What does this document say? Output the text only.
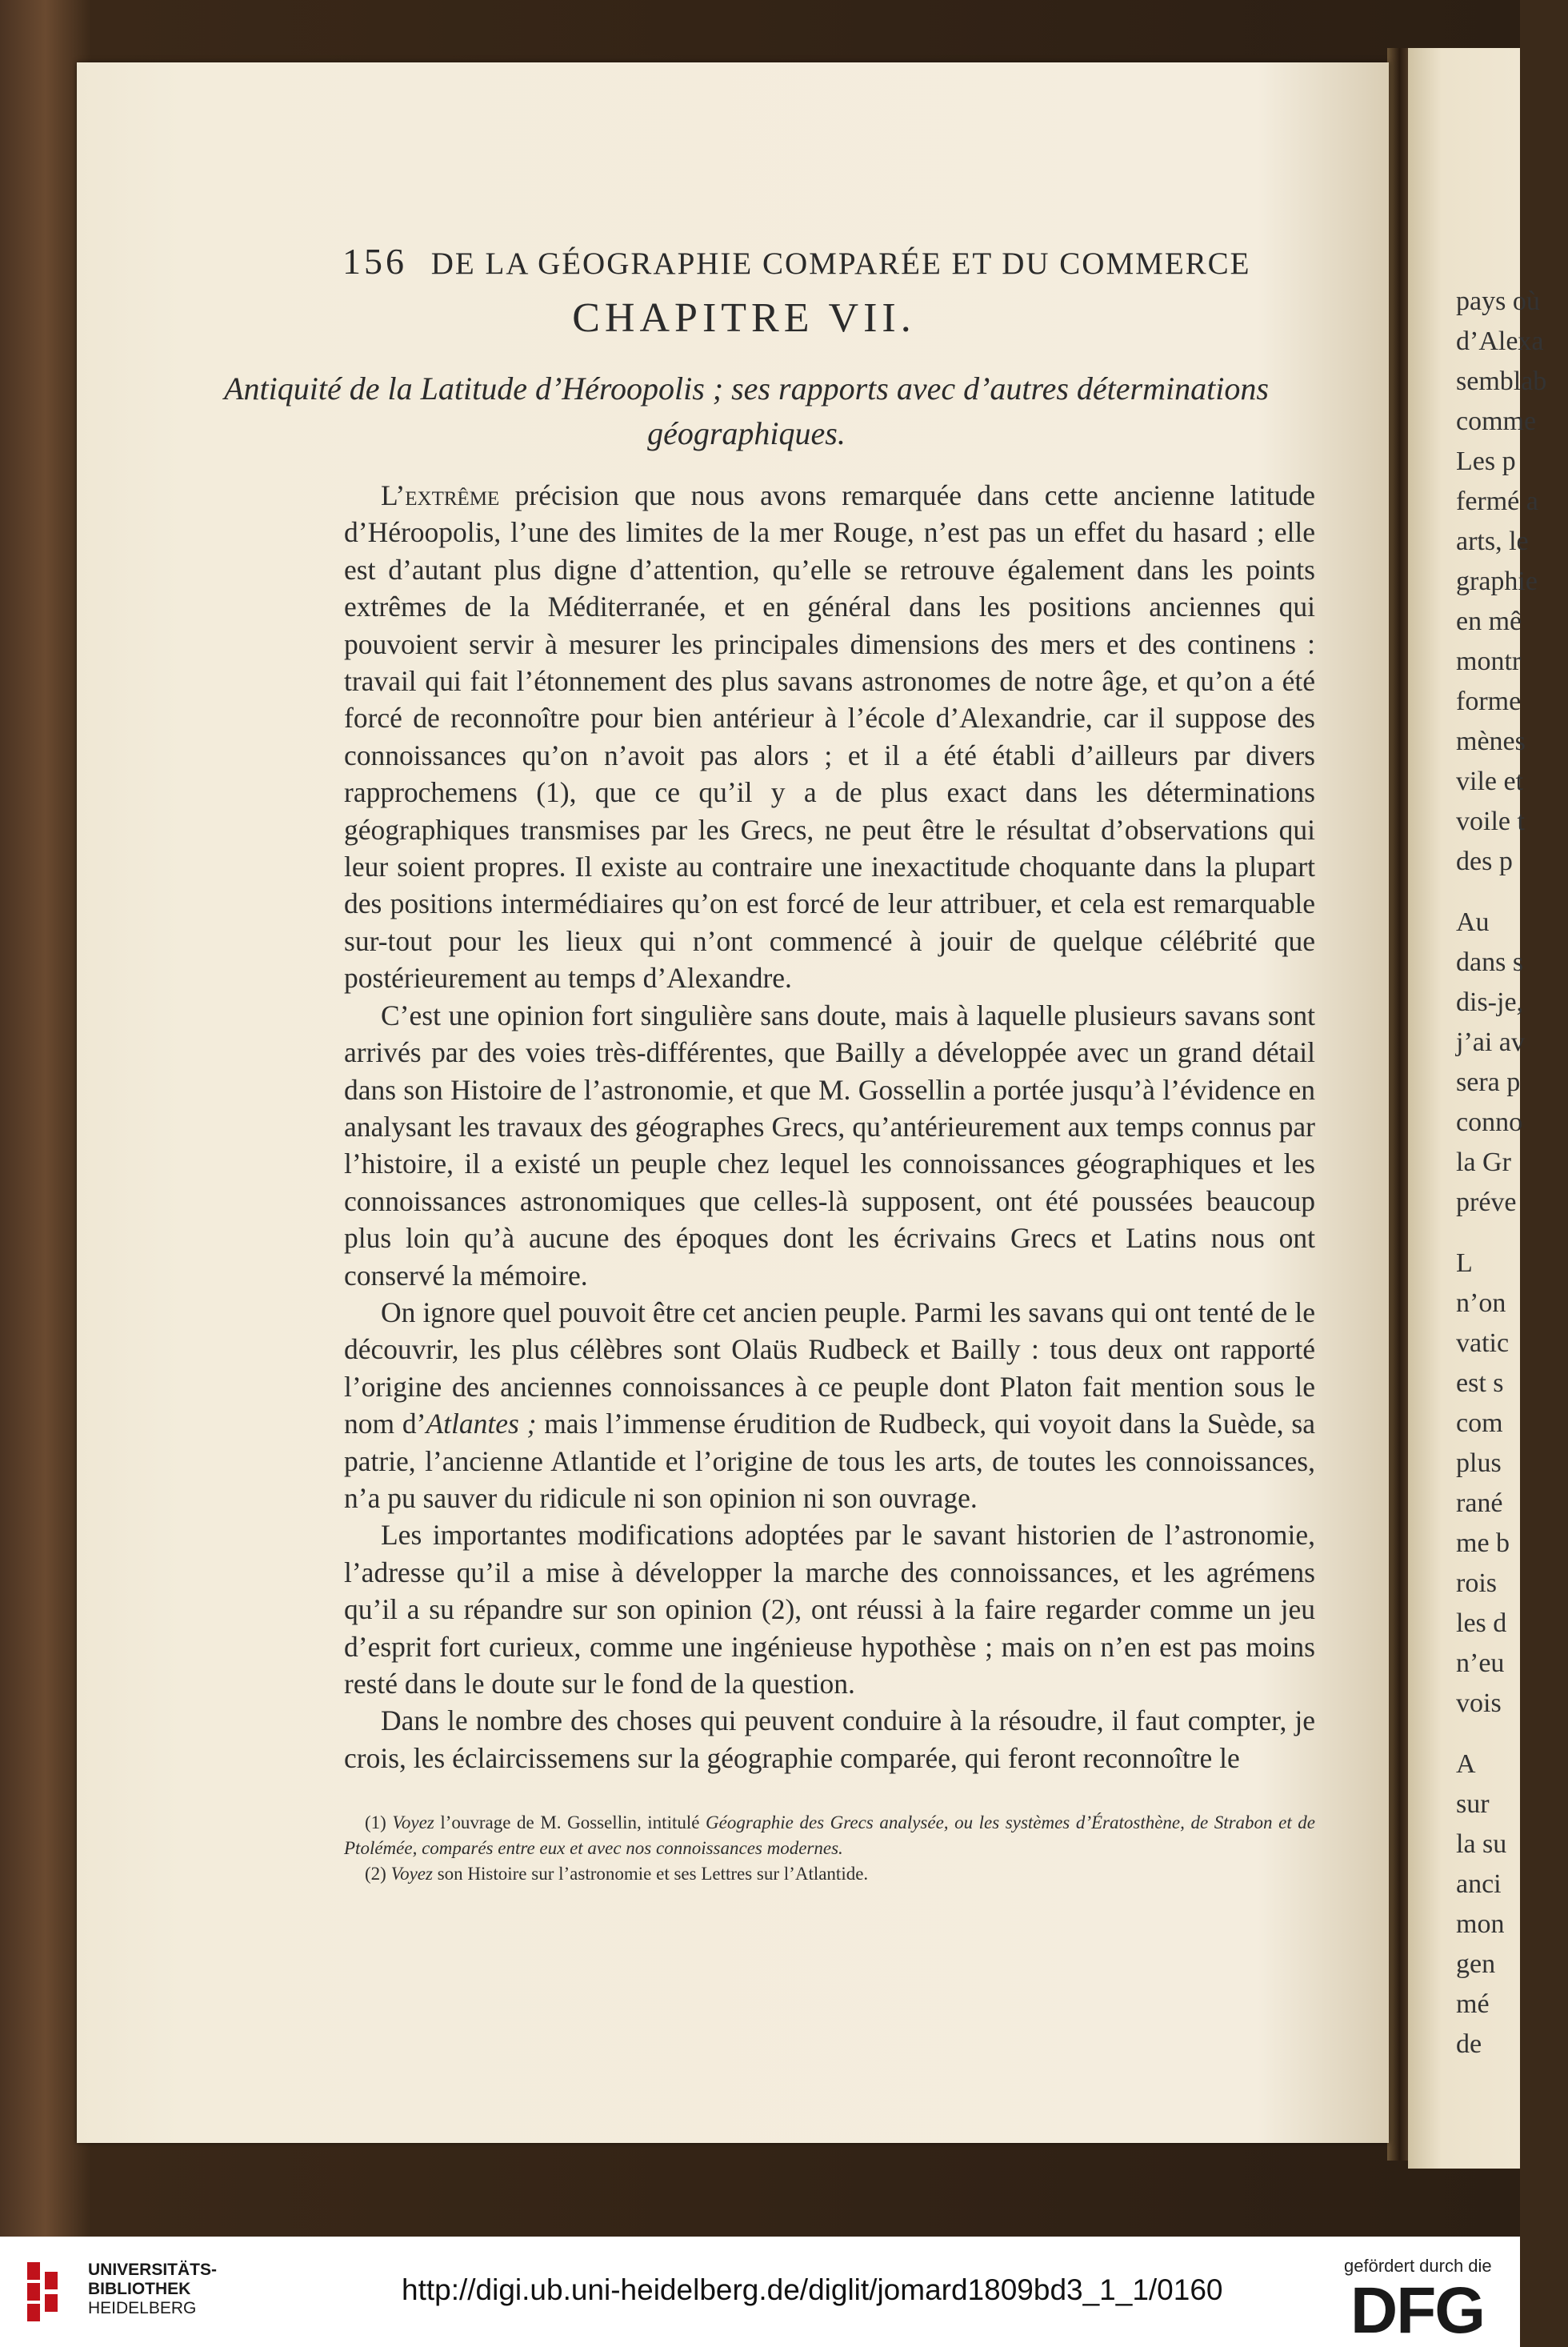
pays où
d’Alexa
semblab
comme
Les p
fermé a
arts, le
graphie
en mê
montr
forme
mènes
vile et
voile t
des p
Au
dans s
dis-je,
j’ai av
sera p
conno
la Gr
préve
L
n’on
vatic
est s
com
plus
rané
me b
rois
les d
n’eu
vois
A
sur
la su
anci
mon
gen
mé
de
156 DE LA GÉOGRAPHIE COMPARÉE ET DU COMMERCE
CHAPITRE VII.
Antiquité de la Latitude d’Héroopolis ; ses rapports avec d’autres déterminations
géographiques.

L’extrême précision que nous avons remarquée dans cette ancienne latitude d’Héroopolis, l’une des limites de la mer Rouge, n’est pas un effet du hasard ; elle est d’autant plus digne d’attention, qu’elle se retrouve également dans les points extrêmes de la Méditerranée, et en général dans les positions anciennes qui pouvoient servir à mesurer les principales dimensions des mers et des continens : travail qui fait l’étonnement des plus savans astronomes de notre âge, et qu’on a été forcé de reconnoître pour bien antérieur à l’école d’Alexandrie, car il suppose des connoissances qu’on n’avoit pas alors ; et il a été établi d’ailleurs par divers rapprochemens (1), que ce qu’il y a de plus exact dans les déterminations géographiques transmises par les Grecs, ne peut être le résultat d’observations qui leur soient propres. Il existe au contraire une inexactitude choquante dans la plupart des positions intermédiaires qu’on est forcé de leur attribuer, et cela est remarquable sur-tout pour les lieux qui n’ont commencé à jouir de quelque célébrité que postérieurement au temps d’Alexandre.

C’est une opinion fort singulière sans doute, mais à laquelle plusieurs savans sont arrivés par des voies très-différentes, que Bailly a développée avec un grand détail dans son Histoire de l’astronomie, et que M. Gossellin a portée jusqu’à l’évidence en analysant les travaux des géographes Grecs, qu’antérieurement aux temps connus par l’histoire, il a existé un peuple chez lequel les connoissances géographiques et les connoissances astronomiques que celles-là supposent, ont été poussées beaucoup plus loin qu’à aucune des époques dont les écrivains Grecs et Latins nous ont conservé la mémoire.

On ignore quel pouvoit être cet ancien peuple. Parmi les savans qui ont tenté de le découvrir, les plus célèbres sont Olaüs Rudbeck et Bailly : tous deux ont rapporté l’origine des anciennes connoissances à ce peuple dont Platon fait mention sous le nom d’Atlantes ; mais l’immense érudition de Rudbeck, qui voyoit dans la Suède, sa patrie, l’ancienne Atlantide et l’origine de tous les arts, de toutes les connoissances, n’a pu sauver du ridicule ni son opinion ni son ouvrage.

Les importantes modifications adoptées par le savant historien de l’astronomie, l’adresse qu’il a mise à développer la marche des connoissances, et les agrémens qu’il a su répandre sur son opinion (2), ont réussi à la faire regarder comme un jeu d’esprit fort curieux, comme une ingénieuse hypothèse ; mais on n’en est pas moins resté dans le doute sur le fond de la question.

Dans le nombre des choses qui peuvent conduire à la résoudre, il faut compter, je crois, les éclaircissemens sur la géographie comparée, qui feront reconnoître le

(1) Voyez l’ouvrage de M. Gossellin, intitulé Géographie des Grecs analysée, ou les systèmes d’Ératosthène, de Strabon et de Ptolémée, comparés entre eux et avec nos connoissances modernes.

(2) Voyez son Histoire sur l’astronomie et ses Lettres sur l’Atlantide.

UNIVERSITÄTS-
BIBLIOTHEK
HEIDELBERG
http://digi.ub.uni-heidelberg.de/diglit/jomard1809bd3_1_1/0160
gefördert durch die
DFG
